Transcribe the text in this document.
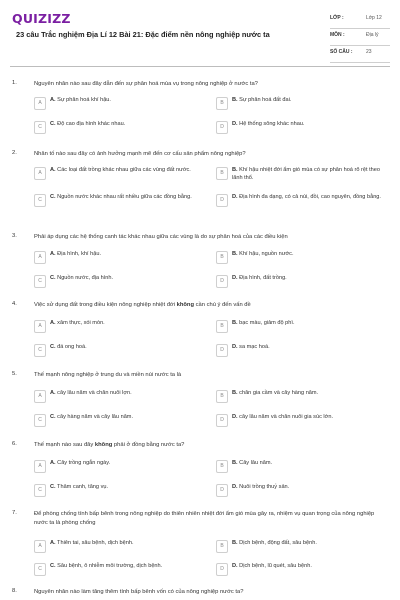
QUIZIZZ
23 câu Trắc nghiệm Địa Lí 12 Bài 21: Đặc điểm nền nông nghiệp nước ta
LỚP :	Lớp 12
MÔN :	Địa lý
SỐ CÂU :	23
1.	Nguyên nhân nào sau đây dẫn đến sự phân hoá mùa vụ trong nông nghiệp ở nước ta?
A	A. Sự phân hoá khí hậu.	B	B. Sự phân hoá đất đai.
C	C. Độ cao địa hình khác nhau.	D	D. Hệ thống sông khác nhau.
2.	Nhân tố nào sau đây có ảnh hưởng mạnh mẽ đến cơ cấu sản phẩm nông nghiệp?
A	A. Các loại đất trồng khác nhau giữa các vùng đất nước.	B	B. Khí hậu nhiệt đới ẩm gió mùa có sự phân hoá rõ rệt theo lãnh thổ.
C	C. Nguồn nước khác nhau rất nhiều giữa các đồng bằng.	D	D. Địa hình đa dạng, có cả núi, đồi, cao nguyên, đồng bằng.
3.	Phải áp dụng các hệ thống canh tác khác nhau giữa các vùng là do sự phân hoá của các điều kiện
A	A. Địa hình, khí hậu.	B	B. Khí hậu, nguồn nước.
C	C. Nguồn nước, địa hình.	D	D. Địa hình, đất trồng.
4.	Việc sử dụng đất trong điều kiện nông nghiệp nhiệt đới không cần chú ý đến vấn đề
A	A. xâm thực, xói mòn.	B	B. bạc màu, giảm độ phì.
C	C. đá ong hoá.	D	D. sa mạc hoá.
5.	Thế mạnh nông nghiệp ở trung du và miền núi nước ta là
A	A. cây lâu năm và chăn nuôi lợn.	B	B. chăn gia cầm và cây hàng năm.
C	C. cây hàng năm và cây lâu năm.	D	D. cây lâu năm và chăn nuôi gia súc lớn.
6.	Thế mạnh nào sau đây không phải ở đồng bằng nước ta?
A	A. Cây trồng ngắn ngày.	B	B. Cây lâu năm.
C	C. Thâm canh, tăng vụ.	D	D. Nuôi trồng thuỷ sản.
7.	Để phòng chống tính bấp bênh trong nông nghiệp do thiên nhiên nhiệt đới ẩm gió mùa gây ra, nhiệm vụ quan trọng của nông nghiệp nước ta là phòng chống
A	A. Thiên tai, sâu bệnh, dịch bệnh.	B	B. Dịch bệnh, động đất, sâu bệnh.
C	C. Sâu bệnh, ô nhiễm môi trường, dịch bệnh.	D	D. Dịch bệnh, lũ quét, sâu bệnh.
8.	Nguyên nhân nào làm tăng thêm tính bấp bênh vốn có của nông nghiệp nước ta?
